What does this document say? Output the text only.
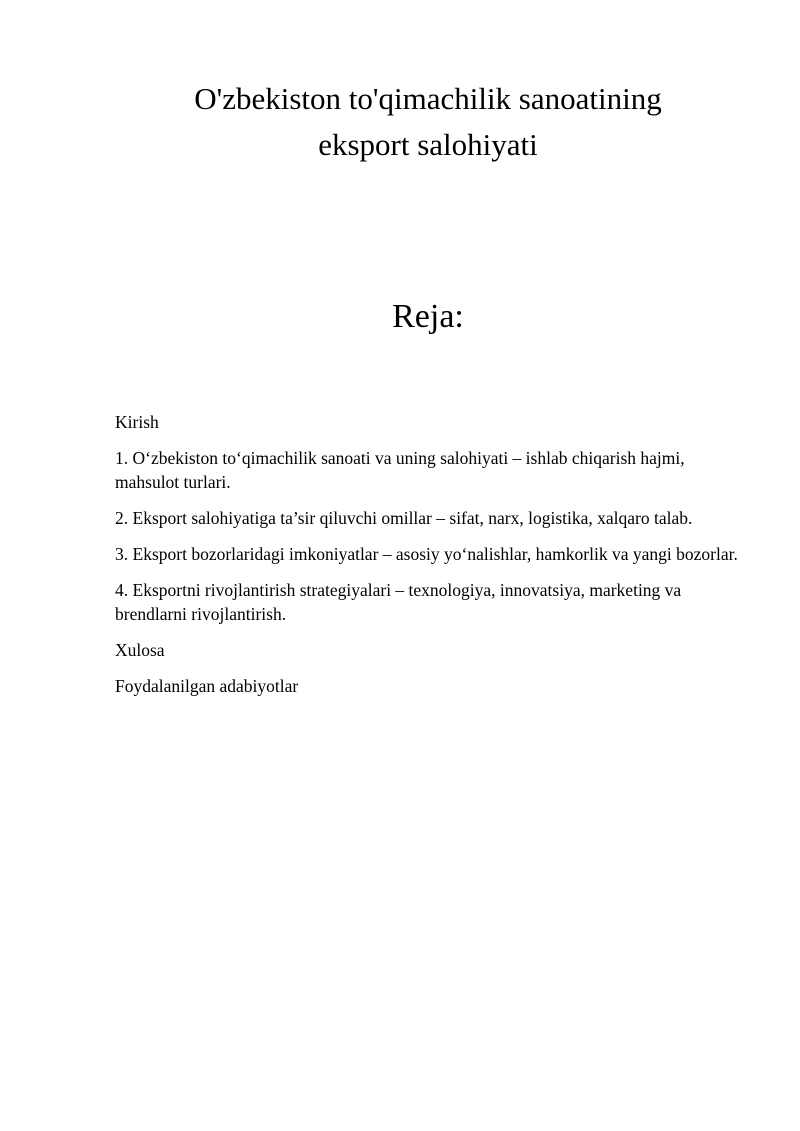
O'zbekiston to'qimachilik sanoatining
eksport salohiyati
Reja:
Kirish
1. O‘zbekiston to‘qimachilik sanoati va uning salohiyati – ishlab chiqarish hajmi, mahsulot turlari.
2. Eksport salohiyatiga ta’sir qiluvchi omillar – sifat, narx, logistika, xalqaro talab.
3. Eksport bozorlaridagi imkoniyatlar – asosiy yo‘nalishlar, hamkorlik va yangi bozorlar.
4. Eksportni rivojlantirish strategiyalari – texnologiya, innovatsiya, marketing va brendlarni rivojlantirish.
Xulosa
Foydalanilgan adabiyotlar
